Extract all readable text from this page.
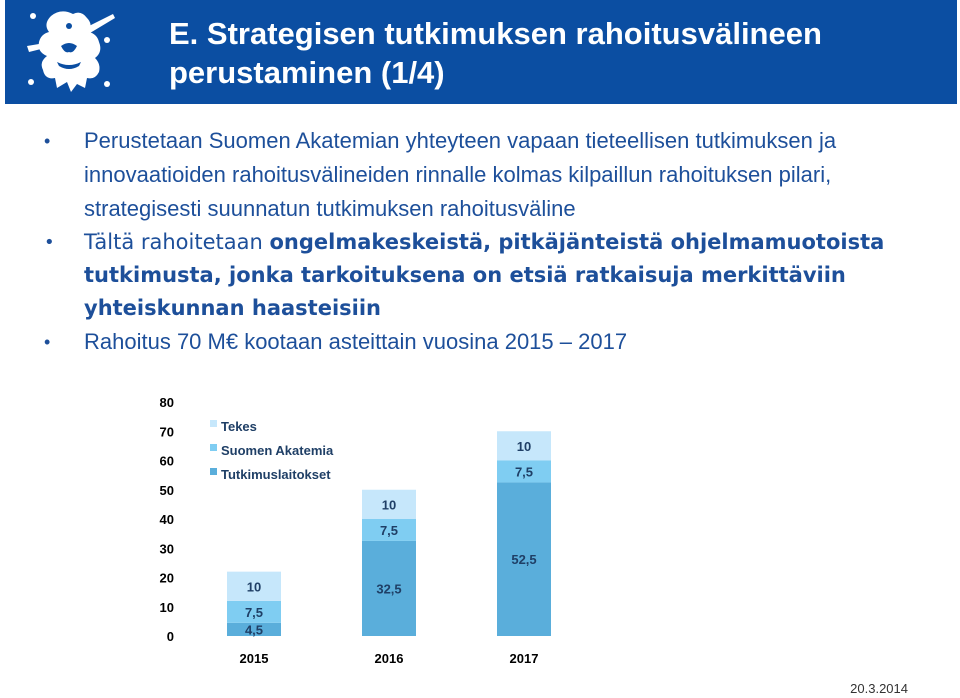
E. Strategisen tutkimuksen rahoitusvälineen perustaminen (1/4)
• Perustetaan Suomen Akatemian yhteyteen vapaan tieteellisen tutkimuksen ja innovaatioiden rahoitusvälineiden rinnalle kolmas kilpaillun rahoituksen pilari, strategisesti suunnatun tutkimuksen rahoitusväline
• Tältä rahoitetaan ongelmakeskeistä, pitkäjänteistä ohjelmamuotoista tutkimusta, jonka tarkoituksena on etsiä ratkaisuja merkittäviin yhteiskunnan haasteisiin
• Rahoitus 70 M€ kootaan asteittain vuosina 2015 – 2017
0
10
20
30
40
50
60
70
80
4,5
7,5
10
2015
32,5
7,5
10
2016
52,5
7,5
10
2017
Tekes
Suomen Akatemia
Tutkimuslaitokset
20.3.2014
